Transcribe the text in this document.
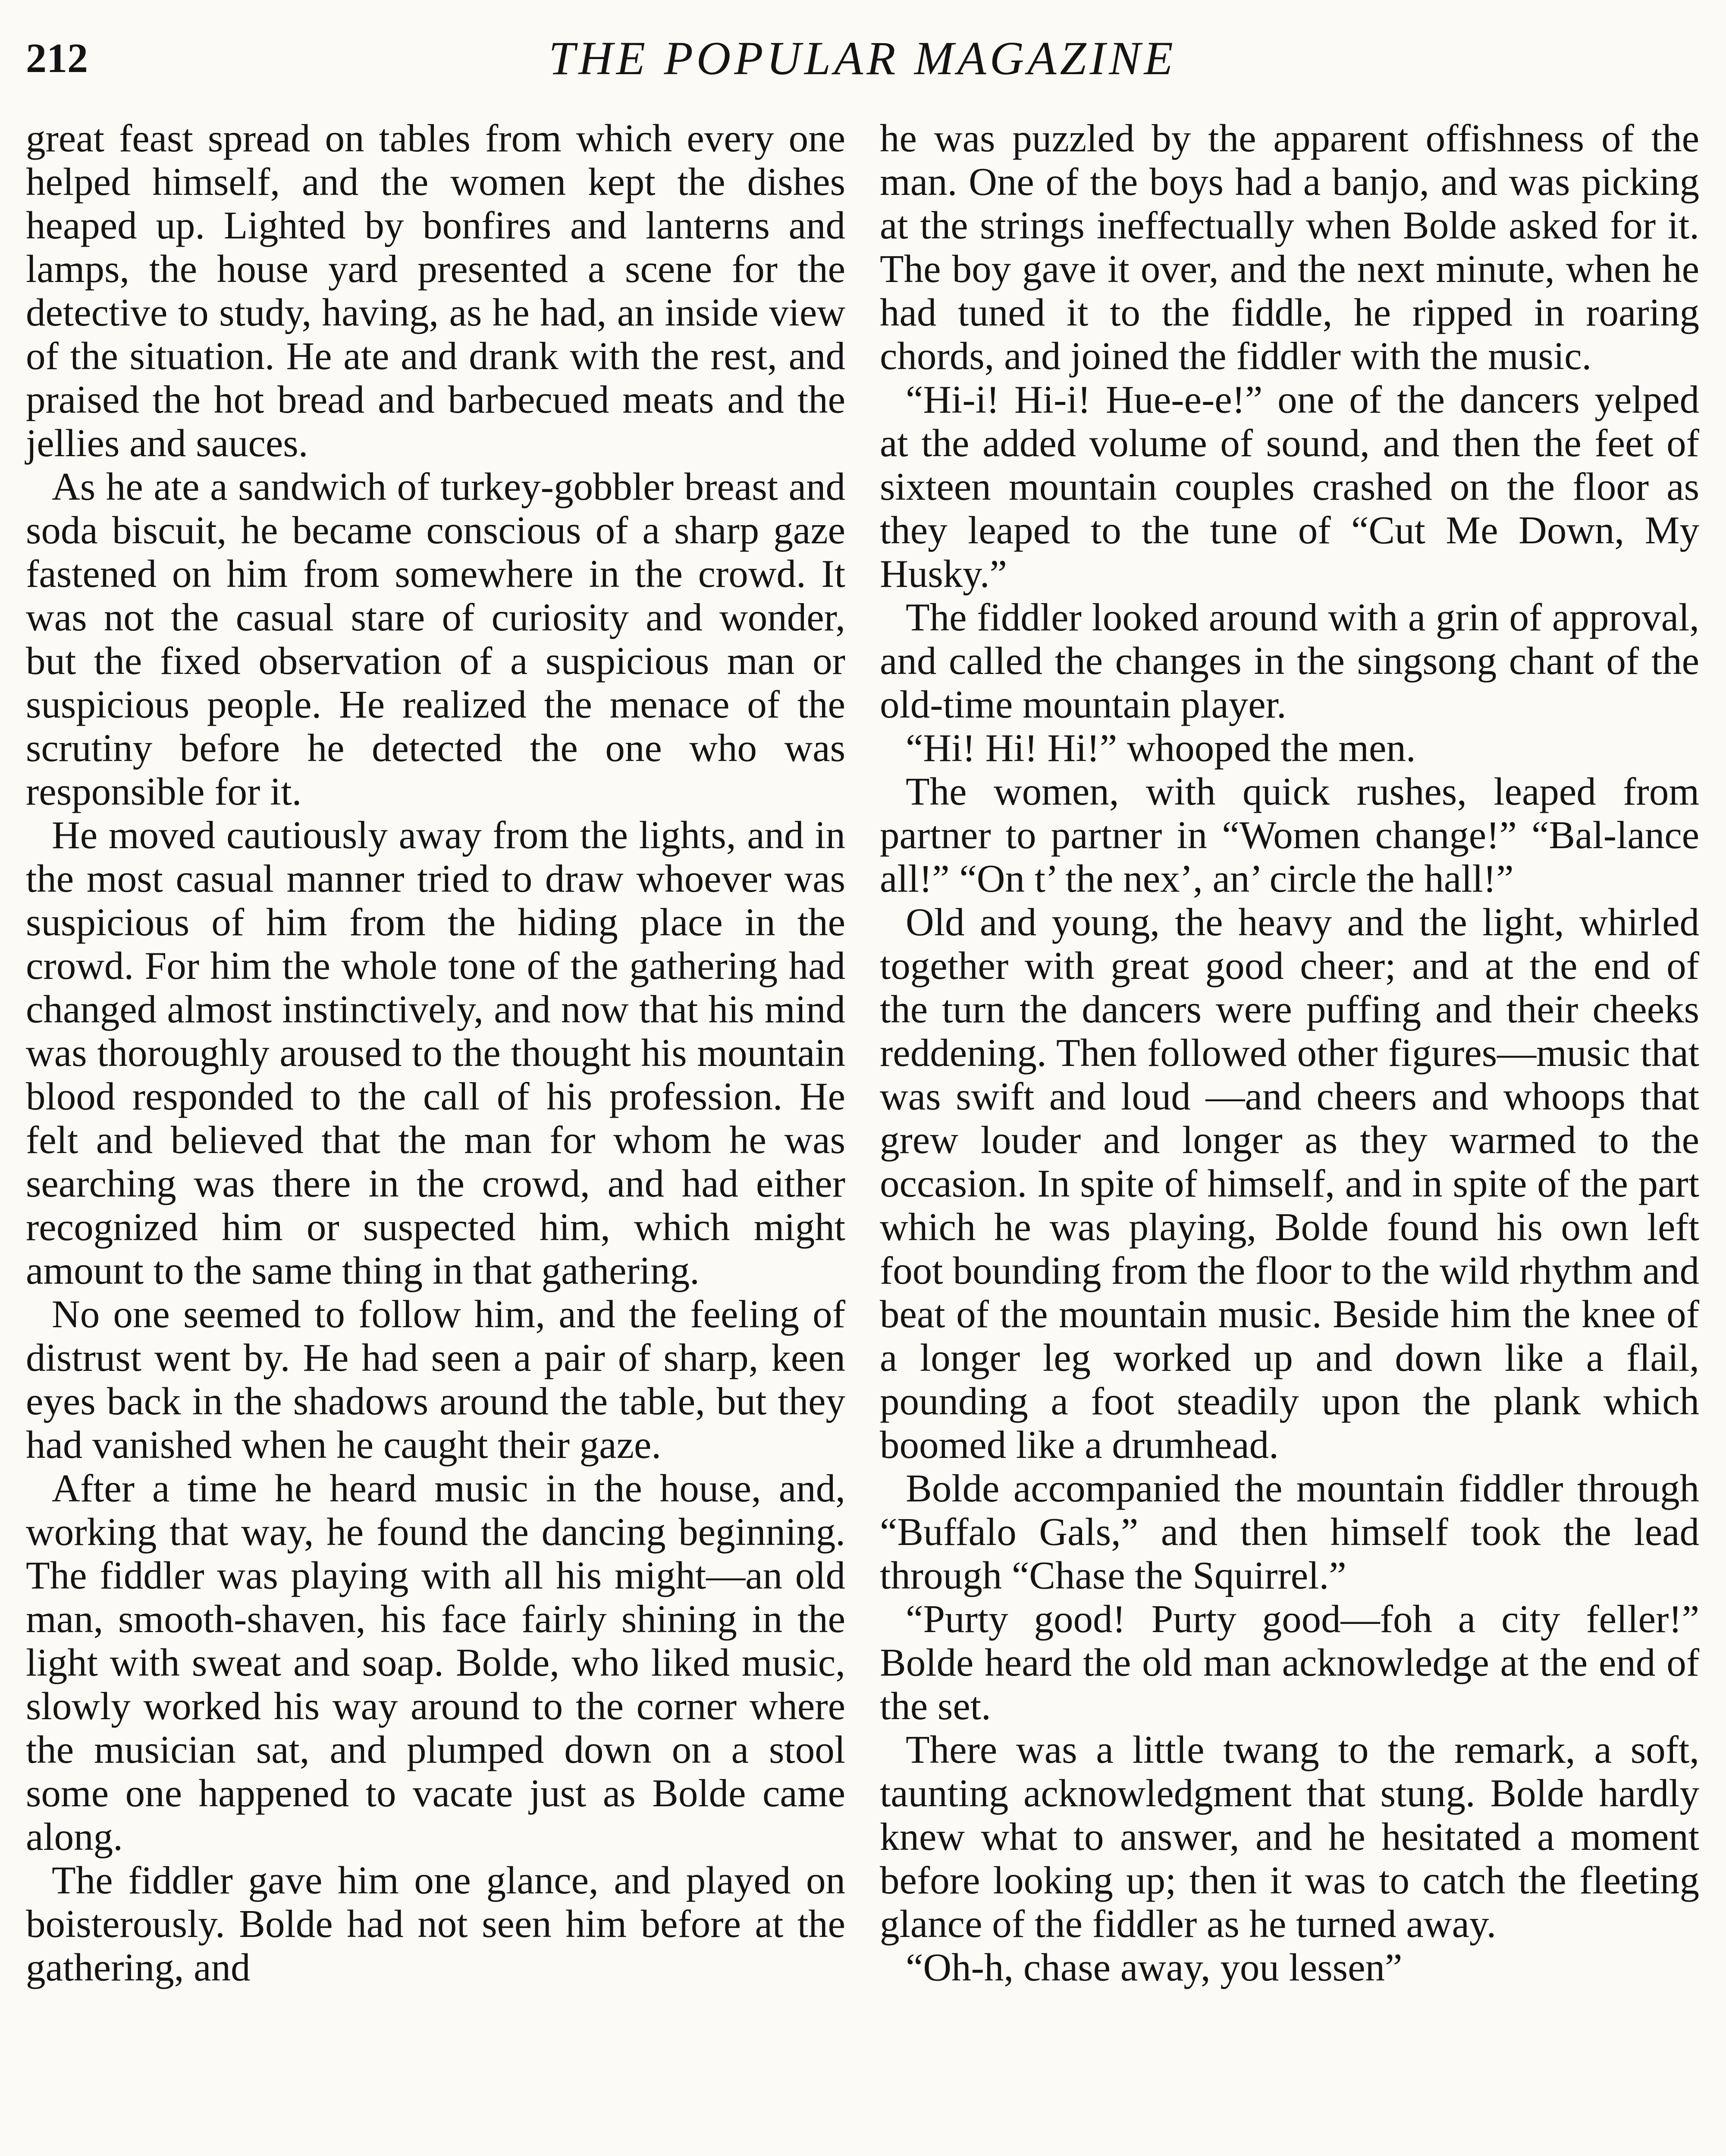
212	THE POPULAR MAGAZINE

great feast spread on tables from which every one helped himself, and the women kept the dishes heaped up. Lighted by bonfires and lanterns and lamps, the house yard presented a scene for the detective to study, having, as he had, an inside view of the situation. He ate and drank with the rest, and praised the hot bread and barbecued meats and the jellies and sauces.

As he ate a sandwich of turkey-gobbler breast and soda biscuit, he became conscious of a sharp gaze fastened on him from somewhere in the crowd. It was not the casual stare of curiosity and wonder, but the fixed observation of a suspicious man or suspicious people. He realized the menace of the scrutiny before he detected the one who was responsible for it.

He moved cautiously away from the lights, and in the most casual manner tried to draw whoever was suspicious of him from the hiding place in the crowd. For him the whole tone of the gathering had changed almost instinctively, and now that his mind was thoroughly aroused to the thought his mountain blood responded to the call of his profession. He felt and believed that the man for whom he was searching was there in the crowd, and had either recognized him or suspected him, which might amount to the same thing in that gathering.

No one seemed to follow him, and the feeling of distrust went by. He had seen a pair of sharp, keen eyes back in the shadows around the table, but they had vanished when he caught their gaze.

After a time he heard music in the house, and, working that way, he found the dancing beginning. The fiddler was playing with all his might—an old man, smooth-shaven, his face fairly shining in the light with sweat and soap. Bolde, who liked music, slowly worked his way around to the corner where the musician sat, and plumped down on a stool some one happened to vacate just as Bolde came along.

The fiddler gave him one glance, and played on boisterously. Bolde had not seen him before at the gathering, and

he was puzzled by the apparent offishness of the man. One of the boys had a banjo, and was picking at the strings ineffectually when Bolde asked for it. The boy gave it over, and the next minute, when he had tuned it to the fiddle, he ripped in roaring chords, and joined the fiddler with the music.

“Hi-i! Hi-i! Hue-e-e!” one of the dancers yelped at the added volume of sound, and then the feet of sixteen mountain couples crashed on the floor as they leaped to the tune of “Cut Me Down, My Husky.”

The fiddler looked around with a grin of approval, and called the changes in the singsong chant of the old-time mountain player.

“Hi! Hi! Hi!” whooped the men.

The women, with quick rushes, leaped from partner to partner in “Women change!” “Bal-lance all!” “On t’ the nex’, an’ circle the hall!”

Old and young, the heavy and the light, whirled together with great good cheer; and at the end of the turn the dancers were puffing and their cheeks reddening. Then followed other figures—music that was swift and loud —and cheers and whoops that grew louder and longer as they warmed to the occasion. In spite of himself, and in spite of the part which he was playing, Bolde found his own left foot bounding from the floor to the wild rhythm and beat of the mountain music. Beside him the knee of a longer leg worked up and down like a flail, pounding a foot steadily upon the plank which boomed like a drumhead.

Bolde accompanied the mountain fiddler through “Buffalo Gals,” and then himself took the lead through “Chase the Squirrel.”

“Purty good! Purty good—foh a city feller!” Bolde heard the old man acknowledge at the end of the set.

There was a little twang to the remark, a soft, taunting acknowledgment that stung. Bolde hardly knew what to answer, and he hesitated a moment before looking up; then it was to catch the fleeting glance of the fiddler as he turned away.

“Oh-h, chase away, you lessen”
